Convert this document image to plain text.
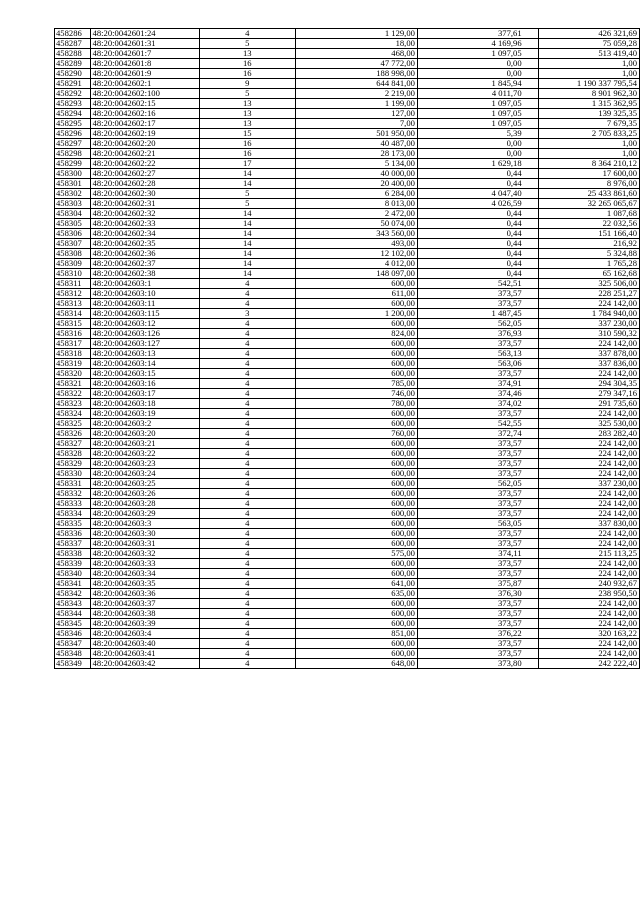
458286	48:20:0042601:24	4	1 129,00	377,61	426 321,69
458287	48:20:0042601:31	5	18,00	4 169,96	75 059,28
458288	48:20:0042601:7	13	468,00	1 097,05	513 419,40
458289	48:20:0042601:8	16	47 772,00	0,00	1,00
458290	48:20:0042601:9	16	188 998,00	0,00	1,00
458291	48:20:0042602:1	9	644 841,00	1 845,94	1 190 337 795,54
458292	48:20:0042602:100	5	2 219,00	4 011,70	8 901 962,30
458293	48:20:0042602:15	13	1 199,00	1 097,05	1 315 362,95
458294	48:20:0042602:16	13	127,00	1 097,05	139 325,35
458295	48:20:0042602:17	13	7,00	1 097,05	7 679,35
458296	48:20:0042602:19	15	501 950,00	5,39	2 705 833,25
458297	48:20:0042602:20	16	40 487,00	0,00	1,00
458298	48:20:0042602:21	16	28 173,00	0,00	1,00
458299	48:20:0042602:22	17	5 134,00	1 629,18	8 364 210,12
458300	48:20:0042602:27	14	40 000,00	0,44	17 600,00
458301	48:20:0042602:28	14	20 400,00	0,44	8 976,00
458302	48:20:0042602:30	5	6 284,00	4 047,40	25 433 861,60
458303	48:20:0042602:31	5	8 013,00	4 026,59	32 265 065,67
458304	48:20:0042602:32	14	2 472,00	0,44	1 087,68
458305	48:20:0042602:33	14	50 074,00	0,44	22 032,56
458306	48:20:0042602:34	14	343 560,00	0,44	151 166,40
458307	48:20:0042602:35	14	493,00	0,44	216,92
458308	48:20:0042602:36	14	12 102,00	0,44	5 324,88
458309	48:20:0042602:37	14	4 012,00	0,44	1 765,28
458310	48:20:0042602:38	14	148 097,00	0,44	65 162,68
458311	48:20:0042603:1	4	600,00	542,51	325 506,00
458312	48:20:0042603:10	4	611,00	373,57	228 251,27
458313	48:20:0042603:11	4	600,00	373,57	224 142,00
458314	48:20:0042603:115	3	1 200,00	1 487,45	1 784 940,00
458315	48:20:0042603:12	4	600,00	562,05	337 230,00
458316	48:20:0042603:126	4	824,00	376,93	310 590,32
458317	48:20:0042603:127	4	600,00	373,57	224 142,00
458318	48:20:0042603:13	4	600,00	563,13	337 878,00
458319	48:20:0042603:14	4	600,00	563,06	337 836,00
458320	48:20:0042603:15	4	600,00	373,57	224 142,00
458321	48:20:0042603:16	4	785,00	374,91	294 304,35
458322	48:20:0042603:17	4	746,00	374,46	279 347,16
458323	48:20:0042603:18	4	780,00	374,02	291 735,60
458324	48:20:0042603:19	4	600,00	373,57	224 142,00
458325	48:20:0042603:2	4	600,00	542,55	325 530,00
458326	48:20:0042603:20	4	760,00	372,74	283 282,40
458327	48:20:0042603:21	4	600,00	373,57	224 142,00
458328	48:20:0042603:22	4	600,00	373,57	224 142,00
458329	48:20:0042603:23	4	600,00	373,57	224 142,00
458330	48:20:0042603:24	4	600,00	373,57	224 142,00
458331	48:20:0042603:25	4	600,00	562,05	337 230,00
458332	48:20:0042603:26	4	600,00	373,57	224 142,00
458333	48:20:0042603:28	4	600,00	373,57	224 142,00
458334	48:20:0042603:29	4	600,00	373,57	224 142,00
458335	48:20:0042603:3	4	600,00	563,05	337 830,00
458336	48:20:0042603:30	4	600,00	373,57	224 142,00
458337	48:20:0042603:31	4	600,00	373,57	224 142,00
458338	48:20:0042603:32	4	575,00	374,11	215 113,25
458339	48:20:0042603:33	4	600,00	373,57	224 142,00
458340	48:20:0042603:34	4	600,00	373,57	224 142,00
458341	48:20:0042603:35	4	641,00	375,87	240 932,67
458342	48:20:0042603:36	4	635,00	376,30	238 950,50
458343	48:20:0042603:37	4	600,00	373,57	224 142,00
458344	48:20:0042603:38	4	600,00	373,57	224 142,00
458345	48:20:0042603:39	4	600,00	373,57	224 142,00
458346	48:20:0042603:4	4	851,00	376,22	320 163,22
458347	48:20:0042603:40	4	600,00	373,57	224 142,00
458348	48:20:0042603:41	4	600,00	373,57	224 142,00
458349	48:20:0042603:42	4	648,00	373,80	242 222,40
